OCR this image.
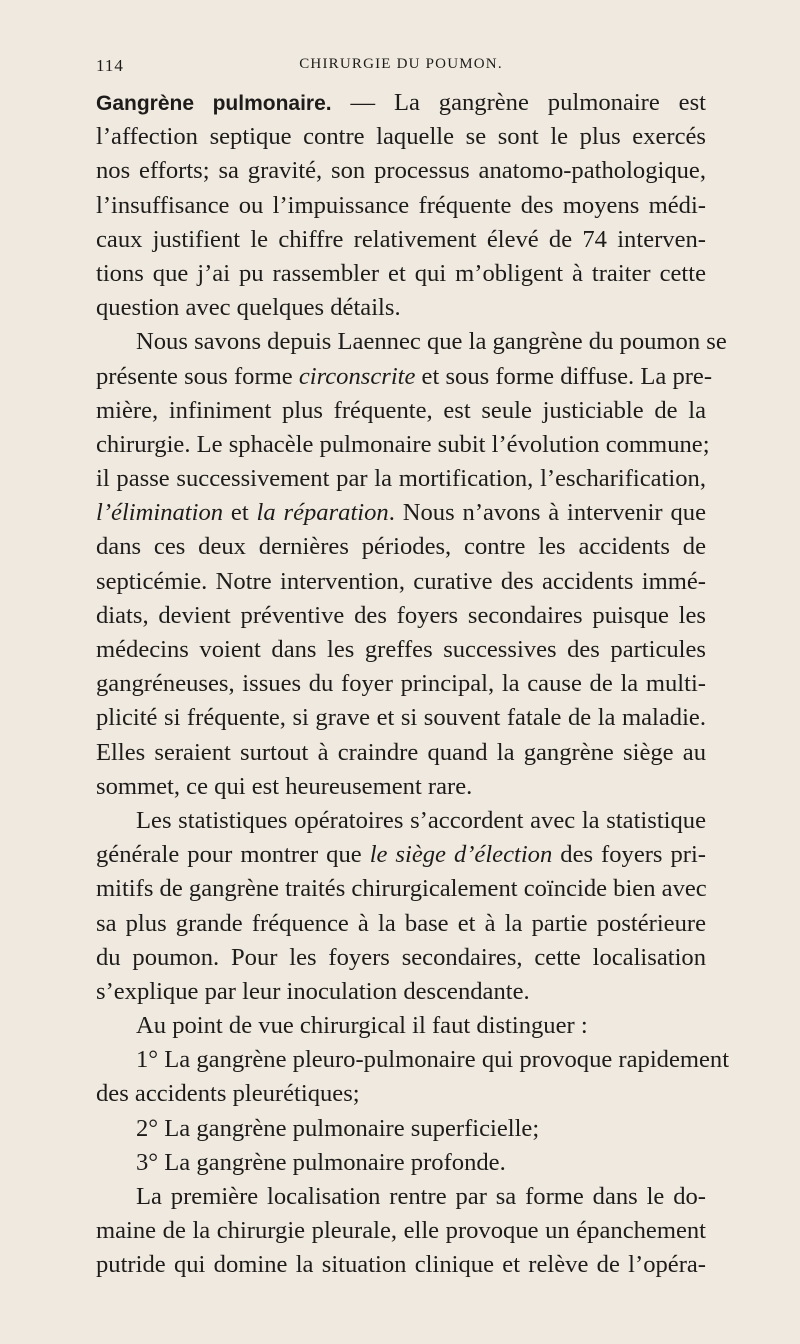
114	CHIRURGIE DU POUMON.
Gangrène pulmonaire. — La gangrène pulmonaire est
l’affection septique contre laquelle se sont le plus exercés
nos efforts; sa gravité, son processus anatomo-pathologique,
l’insuffisance ou l’impuissance fréquente des moyens médi-
caux justifient le chiffre relativement élevé de 74 interven-
tions que j’ai pu rassembler et qui m’obligent à traiter cette
question avec quelques détails.
Nous savons depuis Laennec que la gangrène du poumon se
présente sous forme circonscrite et sous forme diffuse. La pre-
mière, infiniment plus fréquente, est seule justiciable de la
chirurgie. Le sphacèle pulmonaire subit l’évolution commune;
il passe successivement par la mortification, l’escharification,
l’élimination et la réparation. Nous n’avons à intervenir que
dans ces deux dernières périodes, contre les accidents de
septicémie. Notre intervention, curative des accidents immé-
diats, devient préventive des foyers secondaires puisque les
médecins voient dans les greffes successives des particules
gangréneuses, issues du foyer principal, la cause de la multi-
plicité si fréquente, si grave et si souvent fatale de la maladie.
Elles seraient surtout à craindre quand la gangrène siège au
sommet, ce qui est heureusement rare.
Les statistiques opératoires s’accordent avec la statistique
générale pour montrer que le siège d’élection des foyers pri-
mitifs de gangrène traités chirurgicalement coïncide bien avec
sa plus grande fréquence à la base et à la partie postérieure
du poumon. Pour les foyers secondaires, cette localisation
s’explique par leur inoculation descendante.
Au point de vue chirurgical il faut distinguer :
1° La gangrène pleuro-pulmonaire qui provoque rapidement
des accidents pleurétiques;
2° La gangrène pulmonaire superficielle;
3° La gangrène pulmonaire profonde.
La première localisation rentre par sa forme dans le do-
maine de la chirurgie pleurale, elle provoque un épanchement
putride qui domine la situation clinique et relève de l’opéra-
